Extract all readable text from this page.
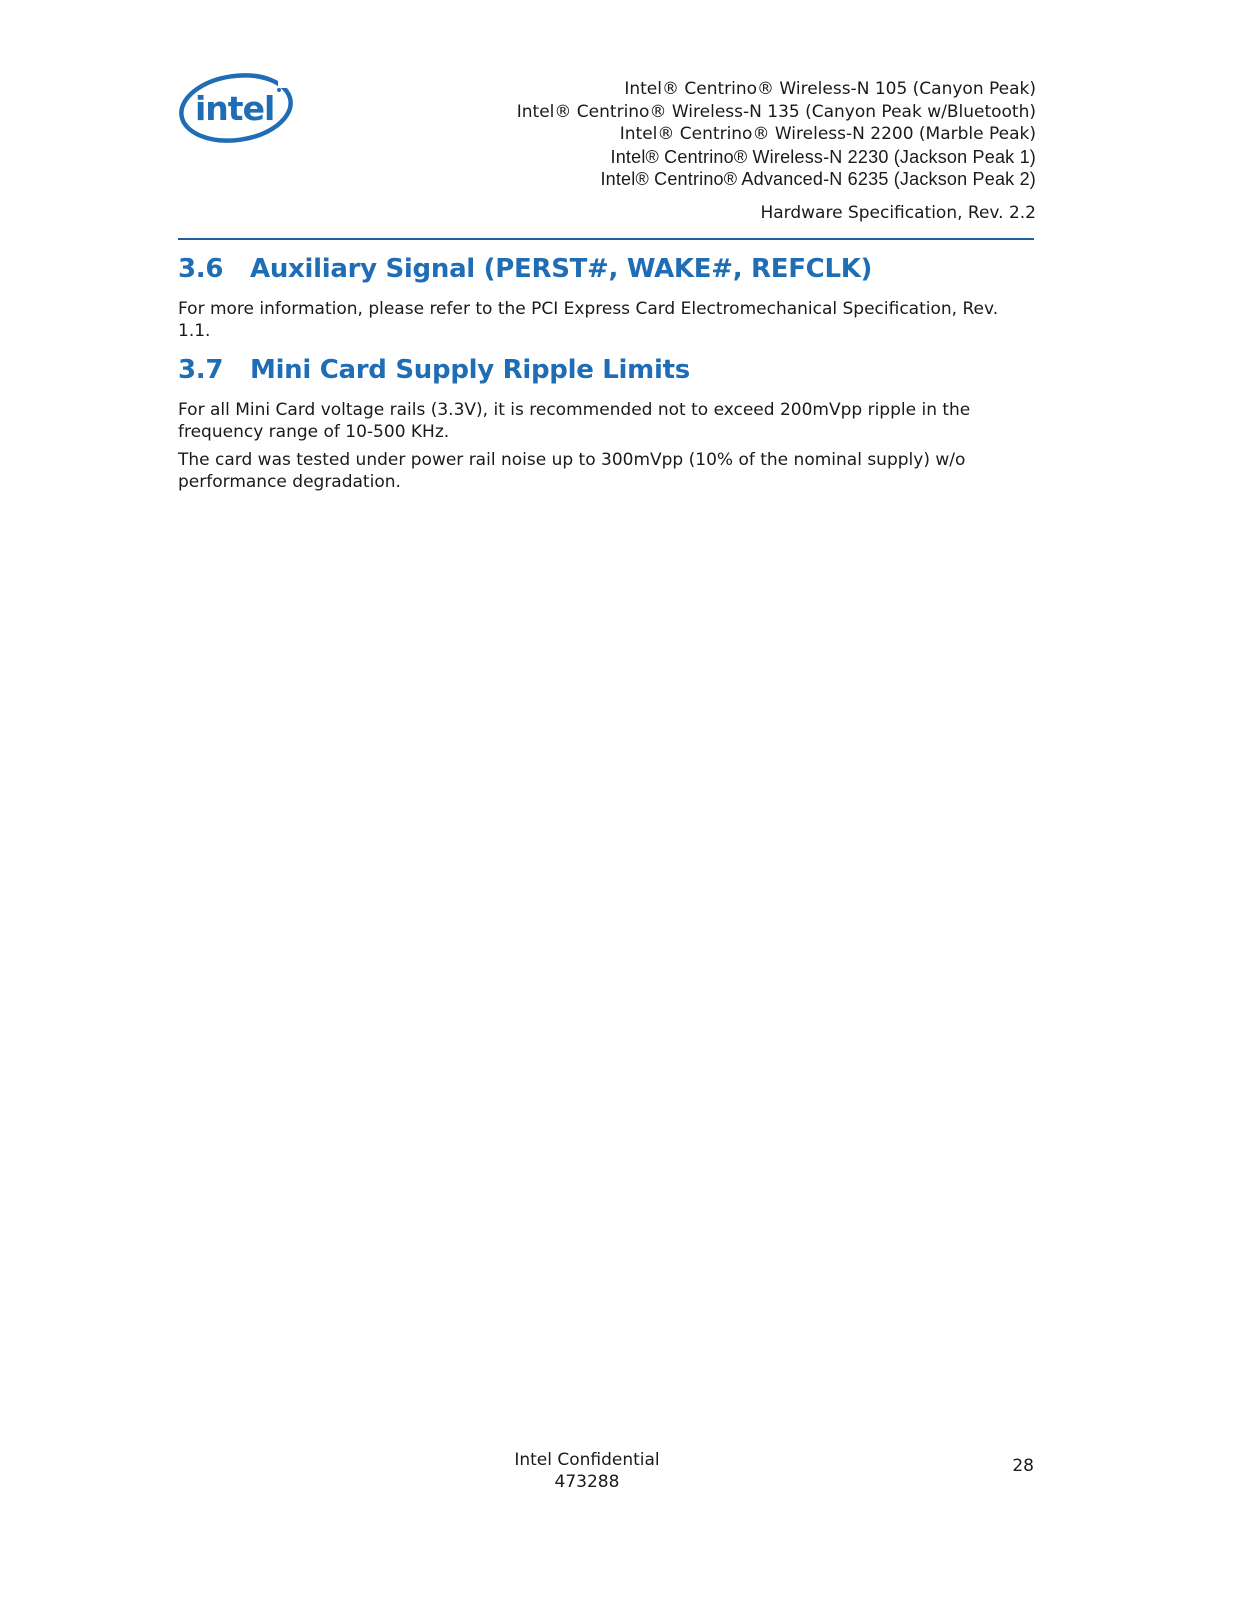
intel	Intel® Centrino® Wireless-N 105 (Canyon Peak)
Intel® Centrino® Wireless-N 135 (Canyon Peak w/Bluetooth)
Intel® Centrino® Wireless-N 2200 (Marble Peak)
Intel® Centrino® Wireless-N 2230 (Jackson Peak 1)
Intel® Centrino® Advanced-N 6235 (Jackson Peak 2)
Hardware Specification, Rev. 2.2
3.6	Auxiliary Signal (PERST#, WAKE#, REFCLK)

For more information, please refer to the PCI Express Card Electromechanical Specification, Rev. 1.1.

3.7	Mini Card Supply Ripple Limits

For all Mini Card voltage rails (3.3V), it is recommended not to exceed 200mVpp ripple in the frequency range of 10-500 KHz.

The card was tested under power rail noise up to 300mVpp (10% of the nominal supply) w/o performance degradation.

Intel Confidential
473288
28
